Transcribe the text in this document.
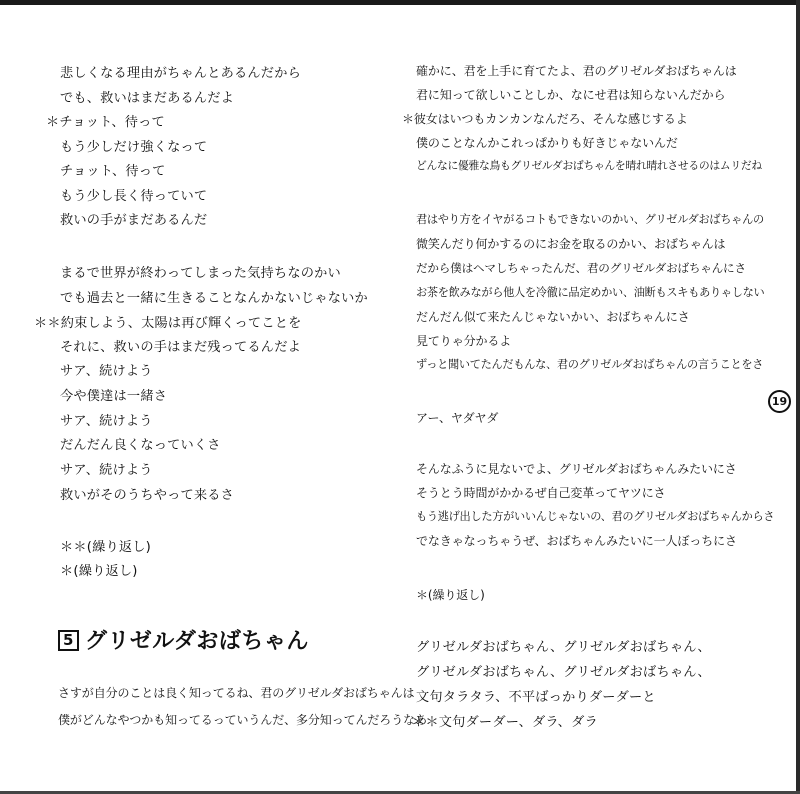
悲しくなる理由がちゃんとあるんだから
でも、救いはまだあるんだよ
＊チョット、待って
もう少しだけ強くなって
チョット、待って
もう少し長く待っていて
救いの手がまだあるんだ
まるで世界が終わってしまった気持ちなのかい
でも過去と一緒に生きることなんかないじゃないか
＊＊約束しよう、太陽は再び輝くってことを
それに、救いの手はまだ残ってるんだよ
サア、続けよう
今や僕達は一緒さ
サア、続けよう
だんだん良くなっていくさ
サア、続けよう
救いがそのうちやって来るさ
＊＊(繰り返し)
＊(繰り返し)
5 グリゼルダおばちゃん
さすが自分のことは良く知ってるね、君のグリゼルダおばちゃんは
僕がどんなやつかも知ってるっていうんだ、多分知ってんだろうなあ
確かに、君を上手に育てたよ、君のグリゼルダおばちゃんは
君に知って欲しいことしか、なにせ君は知らないんだから
＊彼女はいつもカンカンなんだろ、そんな感じするよ
僕のことなんかこれっぱかりも好きじゃないんだ
どんなに優雅な鳥もグリゼルダおばちゃんを晴れ晴れさせるのはムリだね
君はやり方をイヤがるコトもできないのかい、グリゼルダおばちゃんの
微笑んだり何かするのにお金を取るのかい、おばちゃんは
だから僕はヘマしちゃったんだ、君のグリゼルダおばちゃんにさ
お茶を飲みながら他人を冷徹に品定めかい、油断もスキもありゃしない
だんだん似て来たんじゃないかい、おばちゃんにさ
見てりゃ分かるよ
ずっと聞いてたんだもんな、君のグリゼルダおばちゃんの言うことをさ
アー、ヤダヤダ
そんなふうに見ないでよ、グリゼルダおばちゃんみたいにさ
そうとう時間がかかるぜ自己変革ってヤツにさ
もう逃げ出した方がいいんじゃないの、君のグリゼルダおばちゃんからさ
でなきゃなっちゃうぜ、おばちゃんみたいに一人ぼっちにさ
＊(繰り返し)
グリゼルダおばちゃん、グリゼルダおばちゃん、
グリゼルダおばちゃん、グリゼルダおばちゃん、
文句タラタラ、不平ばっかりダーダーと
＊＊文句ダーダー、ダラ、ダラ
19
